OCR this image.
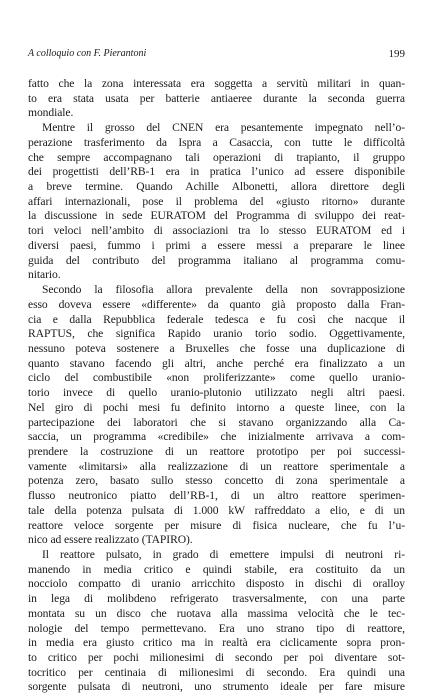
A colloquio con F. Pierantoni	199
fatto che la zona interessata era soggetta a servitù militari in quan-
to era stata usata per batterie antiaeree durante la seconda guerra
mondiale.
Mentre il grosso del CNEN era pesantemente impegnato nell’o-
perazione trasferimento da Ispra a Casaccia, con tutte le difficoltà
che sempre accompagnano tali operazioni di trapianto, il gruppo
dei progettisti dell’RB-1 era in pratica l’unico ad essere disponibile
a breve termine. Quando Achille Albonetti, allora direttore degli
affari internazionali, pose il problema del «giusto ritorno» durante
la discussione in sede EURATOM del Programma di sviluppo dei reat-
tori veloci nell’ambito di associazioni tra lo stesso EURATOM ed i
diversi paesi, fummo i primi a essere messi a preparare le linee
guida del contributo del programma italiano al programma comu-
nitario.
Secondo la filosofia allora prevalente della non sovrapposizione
esso doveva essere «differente» da quanto già proposto dalla Fran-
cia e dalla Repubblica federale tedesca e fu così che nacque il
RAPTUS, che significa Rapido uranio torio sodio. Oggettivamente,
nessuno poteva sostenere a Bruxelles che fosse una duplicazione di
quanto stavano facendo gli altri, anche perché era finalizzato a un
ciclo del combustibile «non proliferizzante» come quello uranio-
torio invece di quello uranio-plutonio utilizzato negli altri paesi.
Nel giro di pochi mesi fu definito intorno a queste linee, con la
partecipazione dei laboratori che si stavano organizzando alla Ca-
saccia, un programma «credibile» che inizialmente arrivava a com-
prendere la costruzione di un reattore prototipo per poi successi-
vamente «limitarsi» alla realizzazione di un reattore sperimentale a
potenza zero, basato sullo stesso concetto di zona sperimentale a
flusso neutronico piatto dell’RB-1, di un altro reattore sperimen-
tale della potenza pulsata di 1.000 kW raffreddato a elio, e di un
reattore veloce sorgente per misure di fisica nucleare, che fu l’u-
nico ad essere realizzato (TAPIRO).
Il reattore pulsato, in grado di emettere impulsi di neutroni ri-
manendo in media critico e quindi stabile, era costituito da un
nocciolo compatto di uranio arricchito disposto in dischi di oralloy
in lega di molibdeno refrigerato trasversalmente, con una parte
montata su un disco che ruotava alla massima velocità che le tec-
nologie del tempo permettevano. Era uno strano tipo di reattore,
in media era giusto critico ma in realtà era ciclicamente sopra pron-
to critico per pochi milionesimi di secondo per poi diventare sot-
tocritico per centinaia di milionesimi di secondo. Era quindi una
sorgente pulsata di neutroni, uno strumento ideale per fare misure
